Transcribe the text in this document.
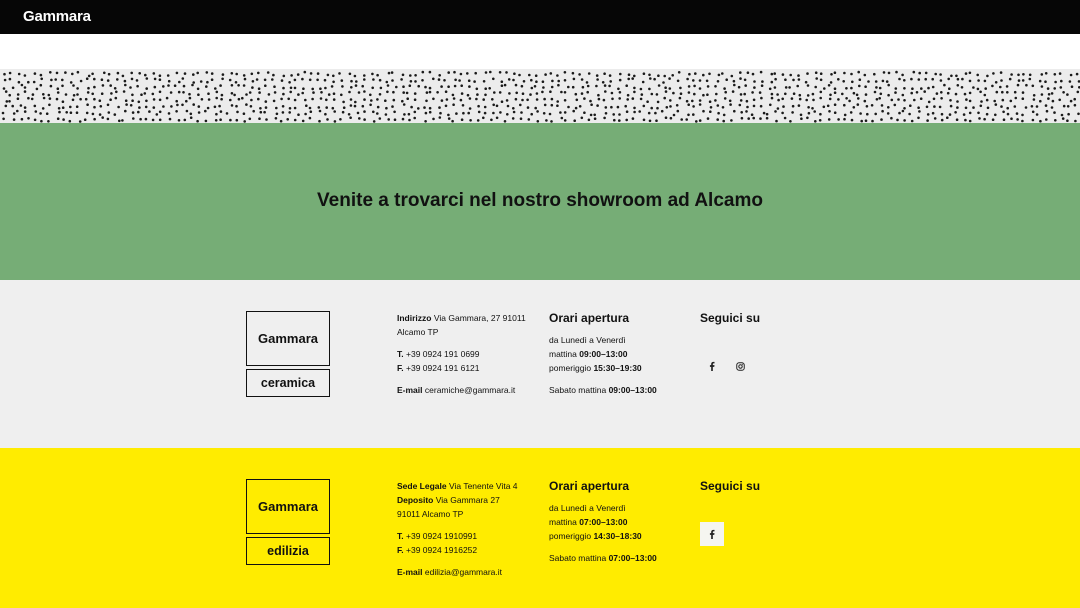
Gammara
Venite a trovarci nel nostro showroom ad Alcamo
Gammara
ceramica
Indirizzo Via Gammara, 27 91011
Alcamo TP
T. +39 0924 191 0699
F. +39 0924 191 6121
E-mail ceramiche@gammara.it
Orari apertura
da Lunedì a Venerdì
mattina 09:00–13:00
pomeriggio 15:30–19:30
Sabato mattina 09:00–13:00
Seguici su
Gammara
edilizia
Sede Legale Via Tenente Vita 4
Deposito Via Gammara 27
91011 Alcamo TP
T. +39 0924 1910991
F. +39 0924 1916252
E-mail edilizia@gammara.it
Orari apertura
da Lunedì a Venerdì
mattina 07:00–13:00
pomeriggio 14:30–18:30
Sabato mattina 07:00–13:00
Seguici su
